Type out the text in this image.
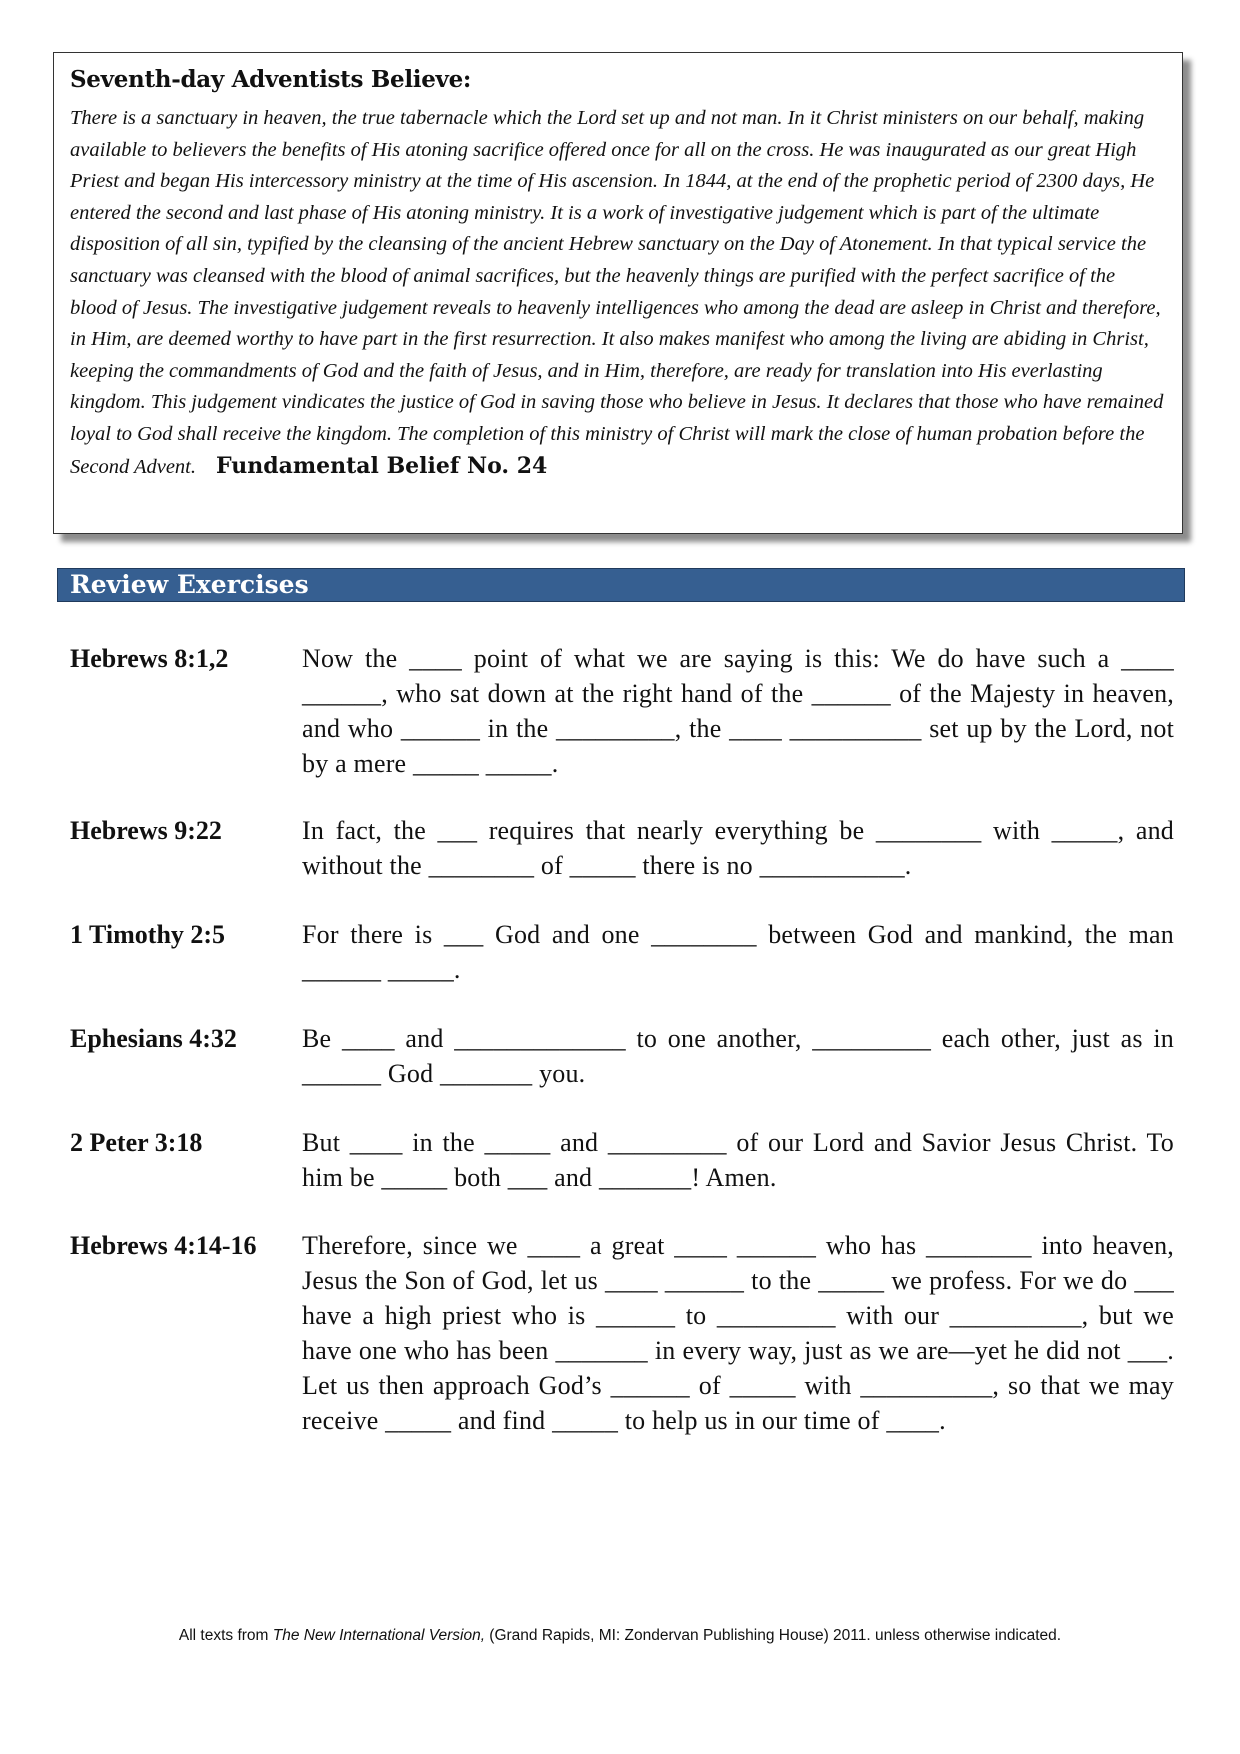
Seventh-day Adventists Believe:

There is a sanctuary in heaven, the true tabernacle which the Lord set up and not man. In it Christ ministers on our behalf, making available to believers the benefits of His atoning sacrifice offered once for all on the cross. He was inaugurated as our great High Priest and began His intercessory ministry at the time of His ascension. In 1844, at the end of the prophetic period of 2300 days, He entered the second and last phase of His atoning ministry. It is a work of investigative judgement which is part of the ultimate disposition of all sin, typified by the cleansing of the ancient Hebrew sanctuary on the Day of Atonement. In that typical service the sanctuary was cleansed with the blood of animal sacrifices, but the heavenly things are purified with the perfect sacrifice of the blood of Jesus. The investigative judgement reveals to heavenly intelligences who among the dead are asleep in Christ and therefore, in Him, are deemed worthy to have part in the first resurrection. It also makes manifest who among the living are abiding in Christ, keeping the commandments of God and the faith of Jesus, and in Him, therefore, are ready for translation into His everlasting kingdom. This judgement vindicates the justice of God in saving those who believe in Jesus. It declares that those who have remained loyal to God shall receive the kingdom. The completion of this ministry of Christ will mark the close of human probation before the Second Advent. Fundamental Belief No. 24

Review Exercises
Hebrews 8:1,2	Now the ____ point of what we are saying is this: We do have such a ____ ______, who sat down at the right hand of the ______ of the Majesty in heaven, and who ______ in the _________, the ____ __________ set up by the Lord, not by a mere _____ _____.

Hebrews 9:22	In fact, the ___ requires that nearly everything be ________ with _____, and without the ________ of _____ there is no ___________.

1 Timothy 2:5	For there is ___ God and one ________ between God and mankind, the man ______ _____.

Ephesians 4:32	Be ____ and _____________ to one another, _________ each other, just as in ______ God _______ you.

2 Peter 3:18	But ____ in the _____ and _________ of our Lord and Savior Jesus Christ. To him be _____ both ___ and _______! Amen.

Hebrews 4:14-16 Therefore, since we ____ a great ____ ______ who has ________ into heaven, Jesus the Son of God, let us ____ ______ to the _____ we profess. For we do ___ have a high priest who is ______ to _________ with our __________, but we have one who has been _______ in every way, just as we are—yet he did not ___. Let us then approach God’s ______ of _____ with __________, so that we may receive _____ and find _____ to help us in our time of ____.

All texts from The New International Version, (Grand Rapids, MI: Zondervan Publishing House) 2011. unless otherwise indicated.
